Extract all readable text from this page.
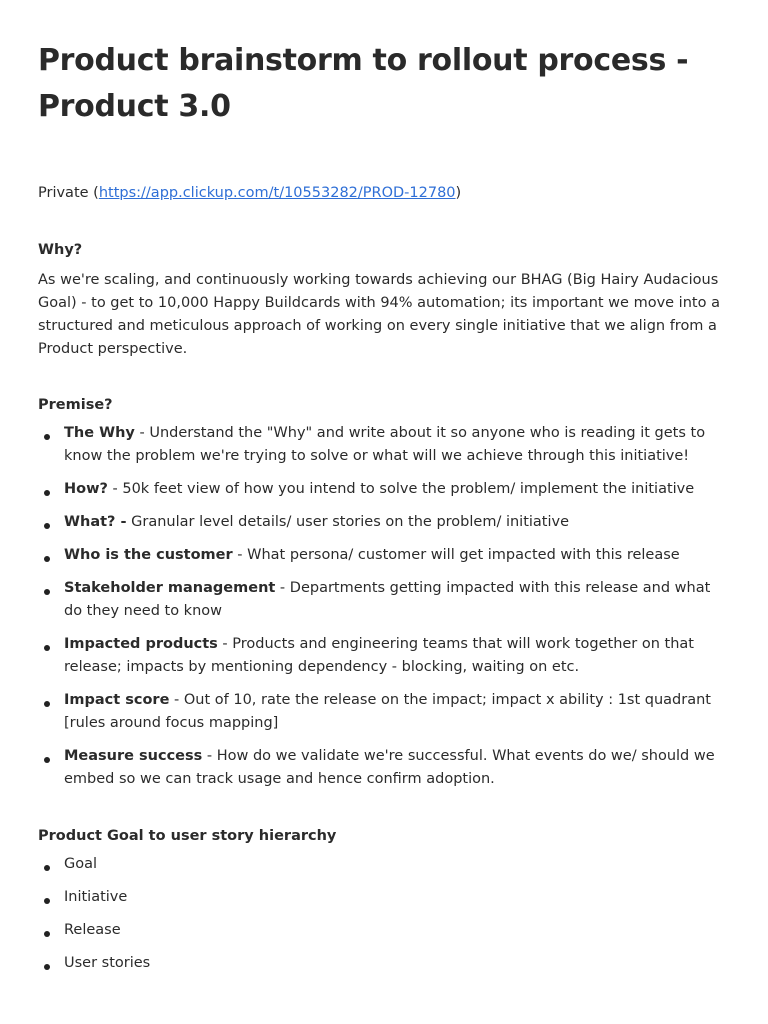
Product brainstorm to rollout process - Product 3.0
Private (https://app.clickup.com/t/10553282/PROD-12780)

Why?

As we're scaling, and continuously working towards achieving our BHAG (Big Hairy Audacious Goal) - to get to 10,000 Happy Buildcards with 94% automation; its important we move into a structured and meticulous approach of working on every single initiative that we align from a Product perspective.

Premise?

The Why - Understand the "Why" and write about it so anyone who is reading it gets to know the problem we're trying to solve or what will we achieve through this initiative!
How? - 50k feet view of how you intend to solve the problem/ implement the initiative
What? - Granular level details/ user stories on the problem/ initiative
Who is the customer - What persona/ customer will get impacted with this release
Stakeholder management - Departments getting impacted with this release and what do they need to know
Impacted products - Products and engineering teams that will work together on that release; impacts by mentioning dependency - blocking, waiting on etc.
Impact score - Out of 10, rate the release on the impact; impact x ability : 1st quadrant [rules around focus mapping]
Measure success - How do we validate we're successful. What events do we/ should we embed so we can track usage and hence confirm adoption.

Product Goal to user story hierarchy

Goal
Initiative
Release
User stories
